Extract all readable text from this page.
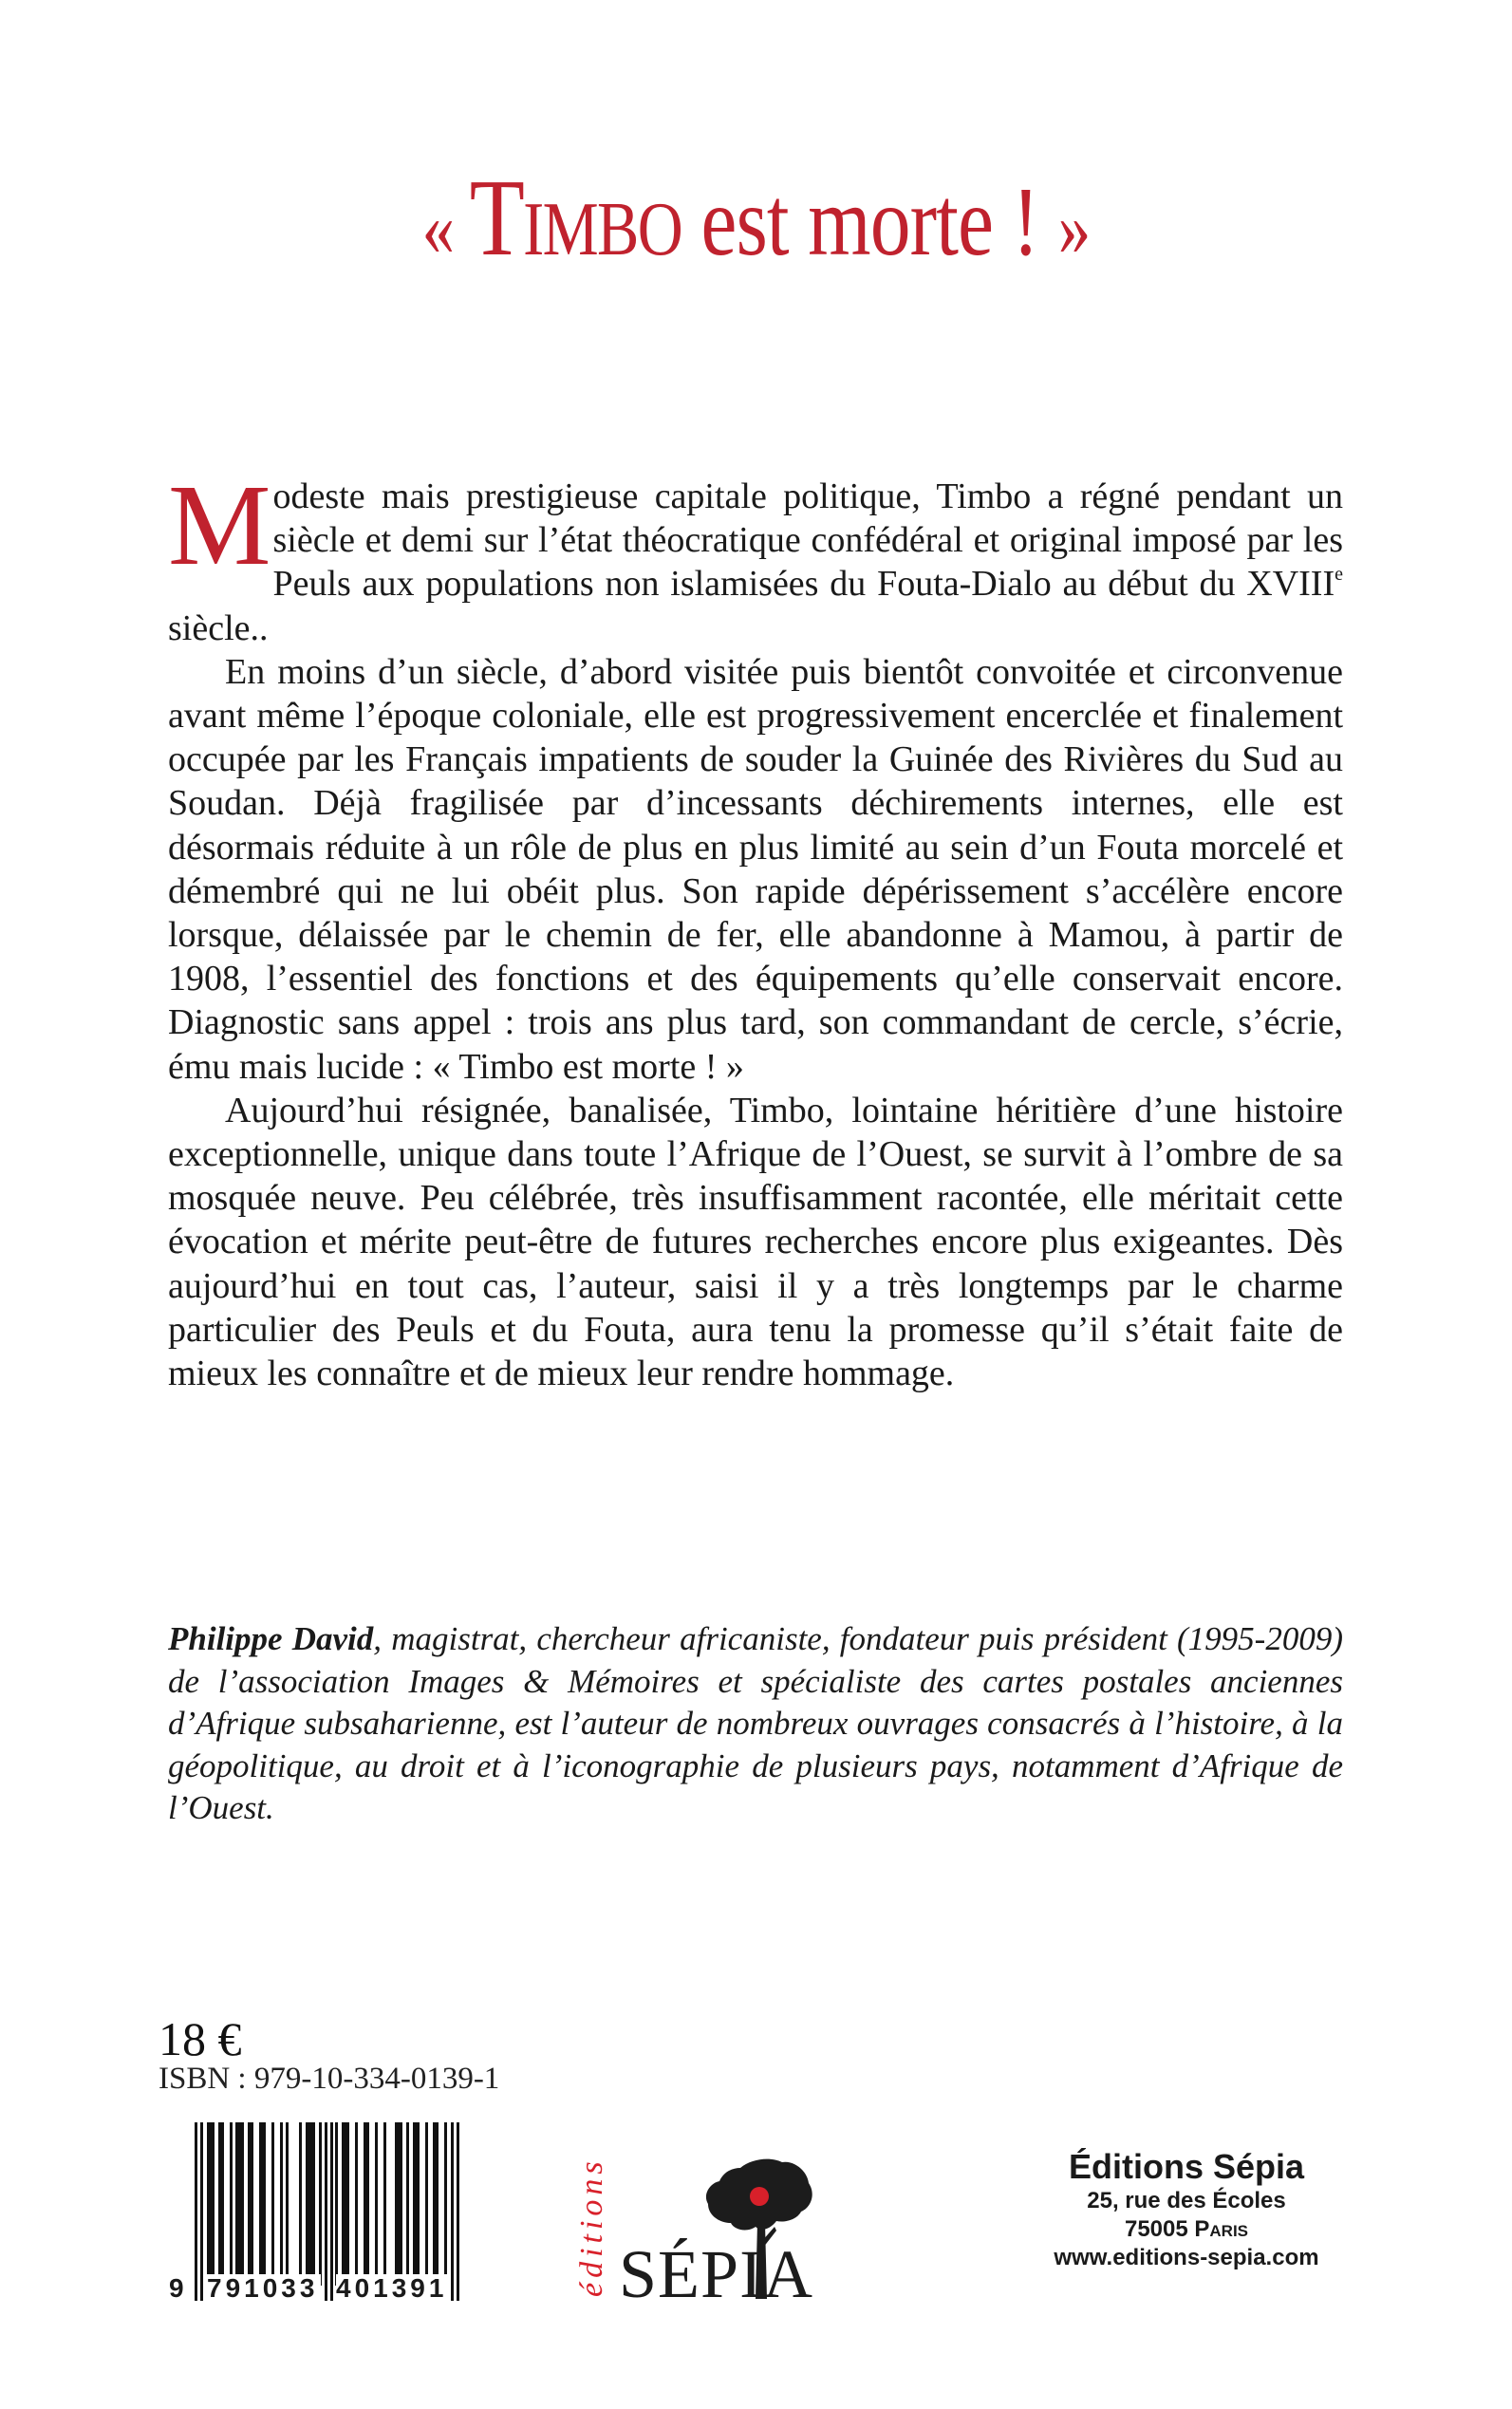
« Timbo est morte ! »

Modeste mais prestigieuse capitale politique, Timbo a régné pendant un siècle et demi sur l’état théocratique confédéral et original imposé par les Peuls aux populations non islamisées du Fouta-Dialo au début du XVIIIe siècle..

En moins d’un siècle, d’abord visitée puis bientôt convoitée et circonvenue avant même l’époque coloniale, elle est progressivement encerclée et finalement occupée par les Français impatients de souder la Guinée des Rivières du Sud au Soudan. Déjà fragilisée par d’incessants déchirements internes, elle est désormais réduite à un rôle de plus en plus limité au sein d’un Fouta morcelé et démembré qui ne lui obéit plus. Son rapide dépérissement s’accélère encore lorsque, délaissée par le chemin de fer, elle abandonne à Mamou, à partir de 1908, l’essentiel des fonctions et des équipements qu’elle conservait encore. Diagnostic sans appel : trois ans plus tard, son commandant de cercle, s’écrie, ému mais lucide : « Timbo est morte ! »

Aujourd’hui résignée, banalisée, Timbo, lointaine héritière d’une histoire exceptionnelle, unique dans toute l’Afrique de l’Ouest, se survit à l’ombre de sa mosquée neuve. Peu célébrée, très insuffisamment racontée, elle méritait cette évocation et mérite peut-être de futures recherches encore plus exigeantes. Dès aujourd’hui en tout cas, l’auteur, saisi il y a très longtemps par le charme particulier des Peuls et du Fouta, aura tenu la promesse qu’il s’était faite de mieux les connaître et de mieux leur rendre hommage.

Philippe David, magistrat, chercheur africaniste, fondateur puis président (1995-2009) de l’association Images & Mémoires et spécialiste des cartes postales anciennes d’Afrique subsaharienne, est l’auteur de nombreux ouvrages consacrés à l’histoire, à la géopolitique, au droit et à l’iconographie de plusieurs pays, notamment d’Afrique de l’Ouest.
18 €
ISBN : 979-10-334-0139-1
9 791033 401391	éditions SÉPIA
Éditions Sépia
25, rue des Écoles
75005 Paris
www.editions-sepia.com
